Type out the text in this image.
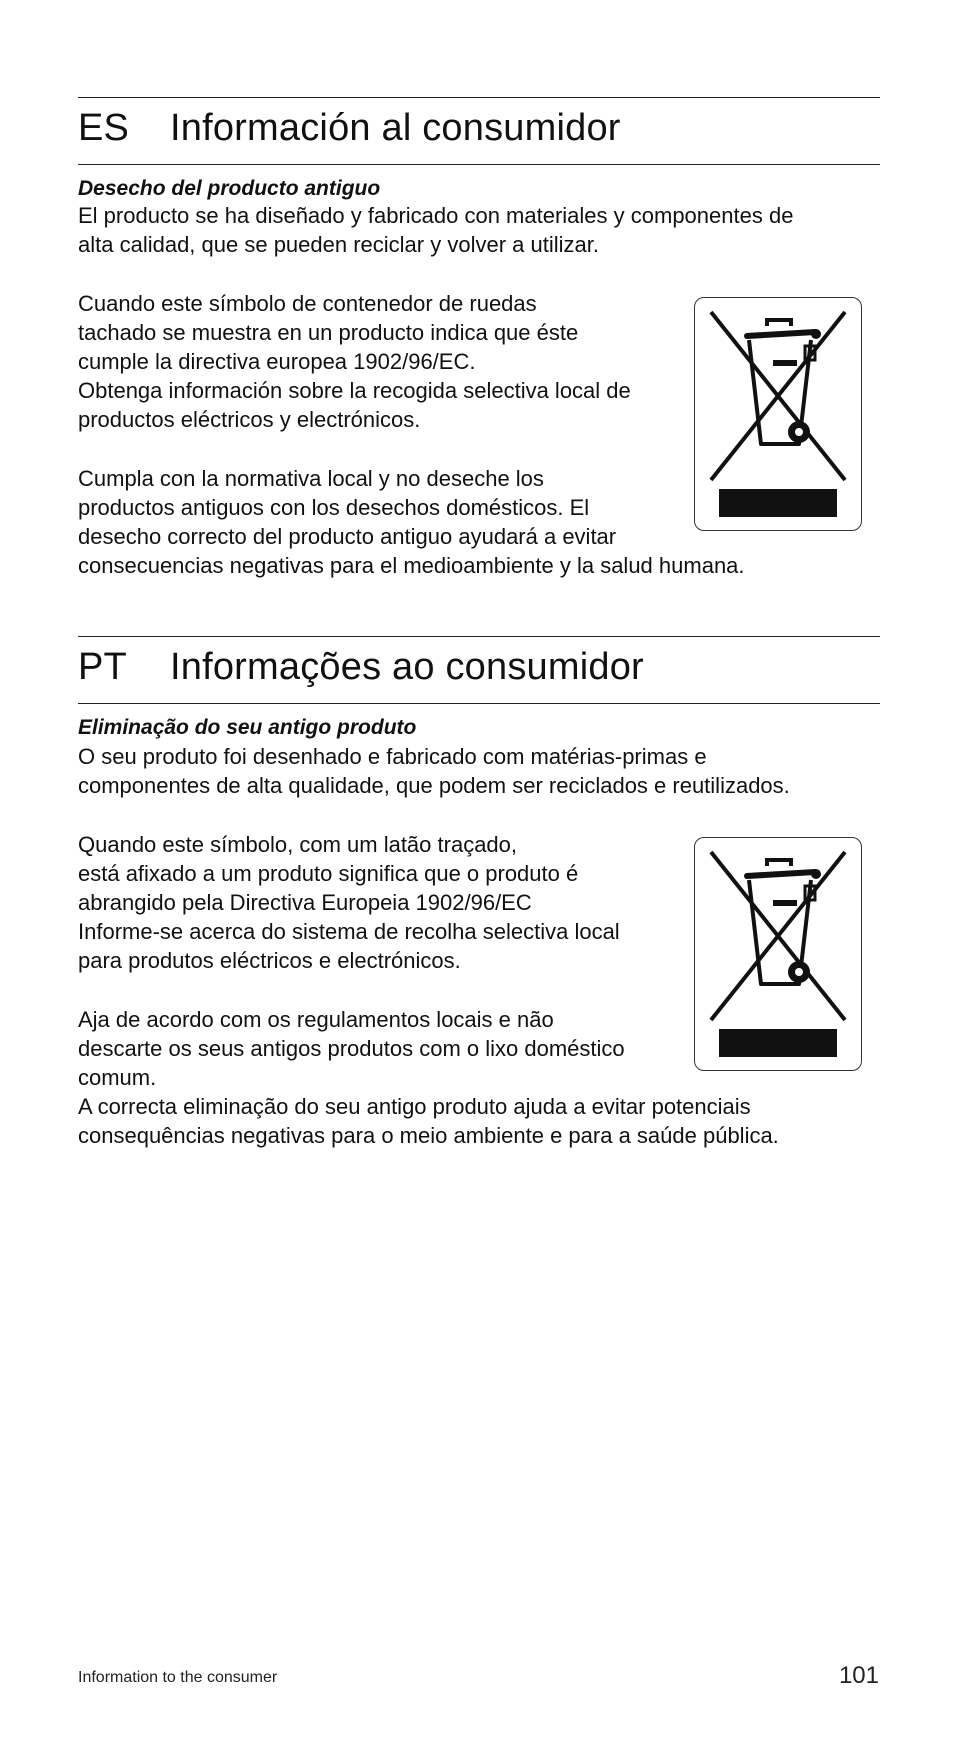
ES Información al consumidor
Desecho del producto antiguo
El producto se ha diseñado y fabricado con materiales y componentes de
alta calidad, que se pueden reciclar y volver a utilizar.
Cuando este símbolo de contenedor de ruedas
tachado se muestra en un producto indica que éste
cumple la directiva europea 1902/96/EC.
Obtenga información sobre la recogida selectiva local de
productos eléctricos y electrónicos.
Cumpla con la normativa local y no deseche los
productos antiguos con los desechos domésticos. El
desecho correcto del producto antiguo ayudará a evitar
consecuencias negativas para el medioambiente y la salud humana.
PT Informações ao consumidor
Eliminação do seu antigo produto
O seu produto foi desenhado e fabricado com matérias-primas e
componentes de alta qualidade, que podem ser reciclados e reutilizados.
Quando este símbolo, com um latão traçado,
está afixado a um produto significa que o produto é
abrangido pela Directiva Europeia 1902/96/EC
Informe-se acerca do sistema de recolha selectiva local
para produtos eléctricos e electrónicos.
Aja de acordo com os regulamentos locais e não
descarte os seus antigos produtos com o lixo doméstico
comum.
A correcta eliminação do seu antigo produto ajuda a evitar potenciais
consequências negativas para o meio ambiente e para a saúde pública.
Information to the consumer	101
